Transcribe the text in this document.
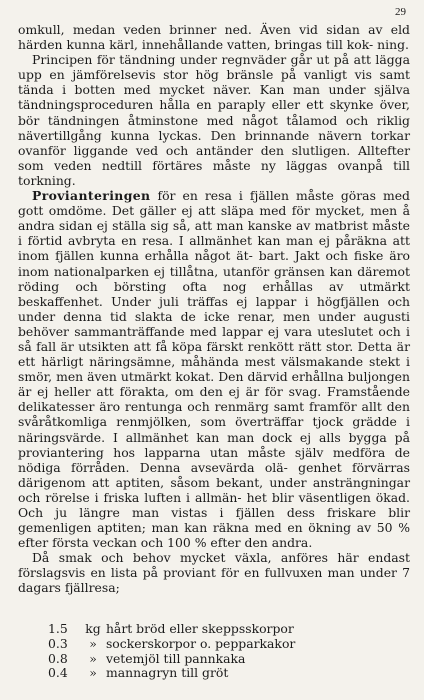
29

omkull, medan veden brinner ned. Även vid sidan av eld härden kunna kärl, innehållande vatten, bringas till kok- ning.

Principen för tändning under regnväder går ut på att lägga upp en jämförelsevis stor hög bränsle på vanligt vis samt tända i botten med mycket näver. Kan man under själva tändningsproceduren hålla en paraply eller ett skynke över, bör tändningen åtminstone med något tålamod och riklig nävertillgång kunna lyckas. Den brinnande nävern torkar ovanför liggande ved och antänder den slutligen. Alltefter som veden nedtill förtäres måste ny läggas ovanpå till torkning.

Provianteringen för en resa i fjällen måste göras med gott omdöme. Det gäller ej att släpa med för mycket, men å andra sidan ej ställa sig så, att man kanske av matbrist måste i förtid avbryta en resa. I allmänhet kan man ej påräkna att inom fjällen kunna erhålla något ät- bart. Jakt och fiske äro inom nationalparken ej tillåtna, utanför gränsen kan däremot röding och börsting ofta nog erhållas av utmärkt beskaffenhet. Under juli träffas ej lappar i högfjällen och under denna tid slakta de icke renar, men under augusti behöver sammanträffande med lappar ej vara uteslutet och i så fall är utsikten att få köpa färskt renkött rätt stor. Detta är ett härligt näringsämne, måhända mest välsmakande stekt i smör, men även utmärkt kokat. Den därvid erhållna buljongen är ej heller att förakta, om den ej är för svag. Framstående delikatesser äro rentunga och renmärg samt framför allt den svåråtkomliga renmjölken, som överträffar tjock grädde i näringsvärde. I allmänhet kan man dock ej alls bygga på proviantering hos lapparna utan måste själv medföra de nödiga förråden. Denna avsevärda olä- genhet förvärras därigenom att aptiten, såsom bekant, under ansträngningar och rörelse i friska luften i allmän- het blir väsentligen ökad. Och ju längre man vistas i fjällen dess friskare blir gemenligen aptiten; man kan räkna med en ökning av 50 % efter första veckan och 100 % efter den andra.

Då smak och behov mycket växla, anföres här endast förslagsvis en lista på proviant för en fullvuxen man under 7 dagars fjällresa;

1.5 kg hårt bröd eller skeppsskorpor
0.3 » sockerskorpor o. pepparkakor
0.8 » vetemjöl till pannkaka
0.4 » mannagryn till gröt
